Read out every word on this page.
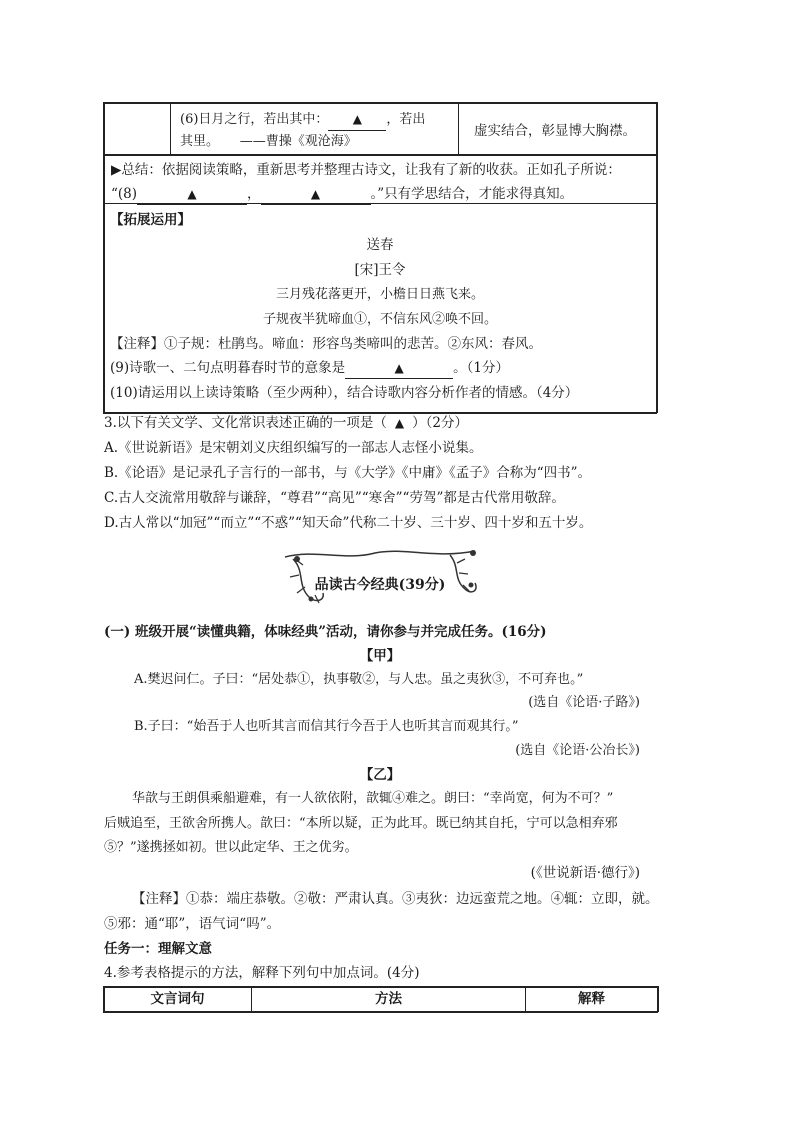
(6)日月之行，若出其中： ▲ ，若出
其里。 ——曹操《观沧海》
虚实结合，彰显博大胸襟。
▶总结：依据阅读策略，重新思考并整理古诗文，让我有了新的收获。正如孔子所说：
“(8)	▲	，	▲	。”只有学思结合，才能求得真知。
【拓展运用】
送春
[宋]王令
三月残花落更开，小檐日日燕飞来。
子规夜半犹啼血①，不信东风②唤不回。
【注释】①子规：杜鹃鸟。啼血：形容鸟类啼叫的悲苦。②东风：春风。
(9)诗歌一、二句点明暮春时节的意象是	▲	。（1分）
(10)请运用以上读诗策略（至少两种），结合诗歌内容分析作者的情感。（4分）
3.以下有关文学、文化常识表述正确的一项是（ ▲ ）（2分）
A.《世说新语》是宋朝刘义庆组织编写的一部志人志怪小说集。
B.《论语》是记录孔子言行的一部书，与《大学》《中庸》《孟子》合称为“四书”。
C.古人交流常用敬辞与谦辞，“尊君”“高见”“寒舍”“劳驾”都是古代常用敬辞。
D.古人常以“加冠”“而立”“不惑”“知天命”代称二十岁、三十岁、四十岁和五十岁。
品读古今经典(39分)
(一) 班级开展“读懂典籍，体味经典”活动，请你参与并完成任务。(16分)
【甲】
A.樊迟问仁。子曰：“居处恭①，执事敬②，与人忠。虽之夷狄③，不可弃也。”
(选自《论语·子路》)
B.子曰：“始吾于人也听其言而信其行今吾于人也听其言而观其行。”
(选自《论语·公冶长》)
【乙】
华歆与王朗俱乘船避难，有一人欲依附，歆辄④难之。朗曰：“幸尚宽，何为不可？”
后贼追至，王欲舍所携人。歆曰：“本所以疑，正为此耳。既已纳其自托，宁可以急相弃邪
⑤？”遂携拯如初。世以此定华、王之优劣。
(《世说新语·德行》)
【注释】①恭：端庄恭敬。②敬：严肃认真。③夷狄：边远蛮荒之地。④辄：立即，就。
⑤邪：通“耶”，语气词“吗”。
任务一：理解文意
4.参考表格提示的方法，解释下列句中加点词。(4分)
文言词句	方法	解释
